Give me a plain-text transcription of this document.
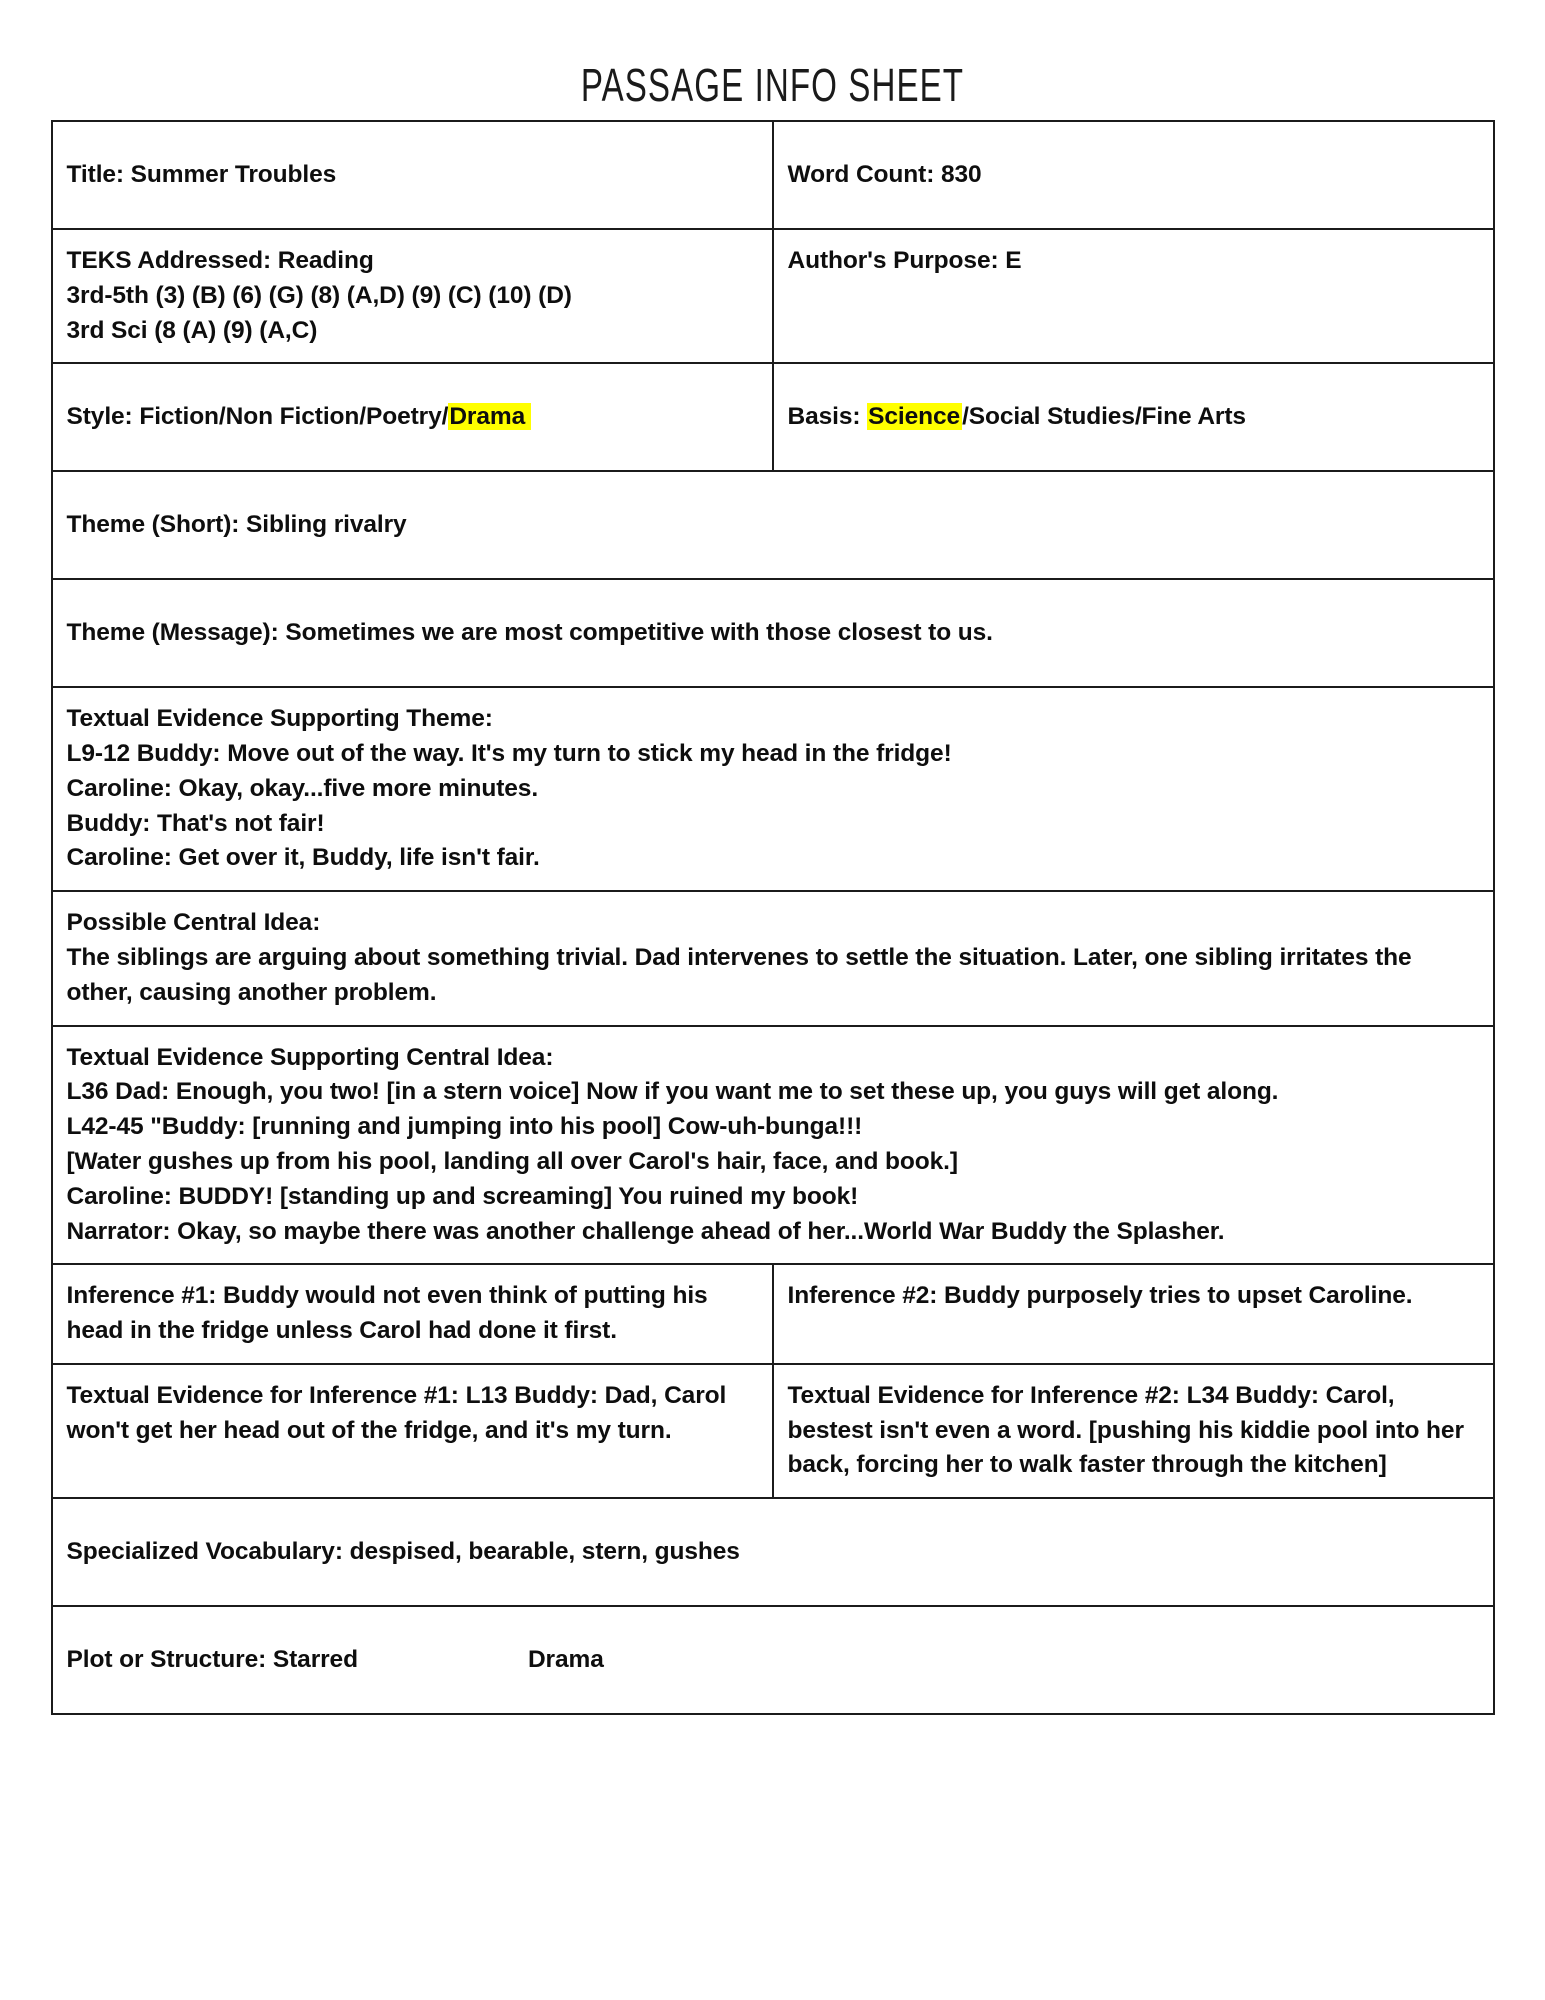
PASSAGE INFO SHEET
Title: Summer Troubles	Word Count: 830

TEKS Addressed: Reading
3rd-5th (3) (B) (6) (G) (8) (A,D) (9) (C) (10) (D)
3rd Sci (8 (A) (9) (A,C)	Author's Purpose: E

Style: Fiction/Non Fiction/Poetry/Drama	Basis: Science/Social Studies/Fine Arts

Theme (Short): Sibling rivalry	

Theme (Message): Sometimes we are most competitive with those closest to us.	

Textual Evidence Supporting Theme:
L9-12 Buddy: Move out of the way. It's my turn to stick my head in the fridge!
Caroline: Okay, okay...five more minutes.
Buddy: That's not fair!
Caroline: Get over it, Buddy, life isn't fair.	

Possible Central Idea:
The siblings are arguing about something trivial. Dad intervenes to settle the situation. Later, one sibling irritates the other, causing another problem.	

Textual Evidence Supporting Central Idea:
L36 Dad: Enough, you two! [in a stern voice] Now if you want me to set these up, you guys will get along.
L42-45 "Buddy: [running and jumping into his pool] Cow-uh-bunga!!!
[Water gushes up from his pool, landing all over Carol's hair, face, and book.]
Caroline: BUDDY! [standing up and screaming] You ruined my book!
Narrator: Okay, so maybe there was another challenge ahead of her...World War Buddy the Splasher.

Inference #1: Buddy would not even think of putting his head in the fridge unless Carol had done it first.	Inference #2: Buddy purposely tries to upset Caroline.

Textual Evidence for Inference #1: L13 Buddy: Dad, Carol won't get her head out of the fridge, and it's my turn.	Textual Evidence for Inference #2: L34 Buddy: Carol, bestest isn't even a word. [pushing his kiddie pool into her back, forcing her to walk faster through the kitchen]

Specialized Vocabulary: despised, bearable, stern, gushes	

Plot or Structure: Starred Drama	
